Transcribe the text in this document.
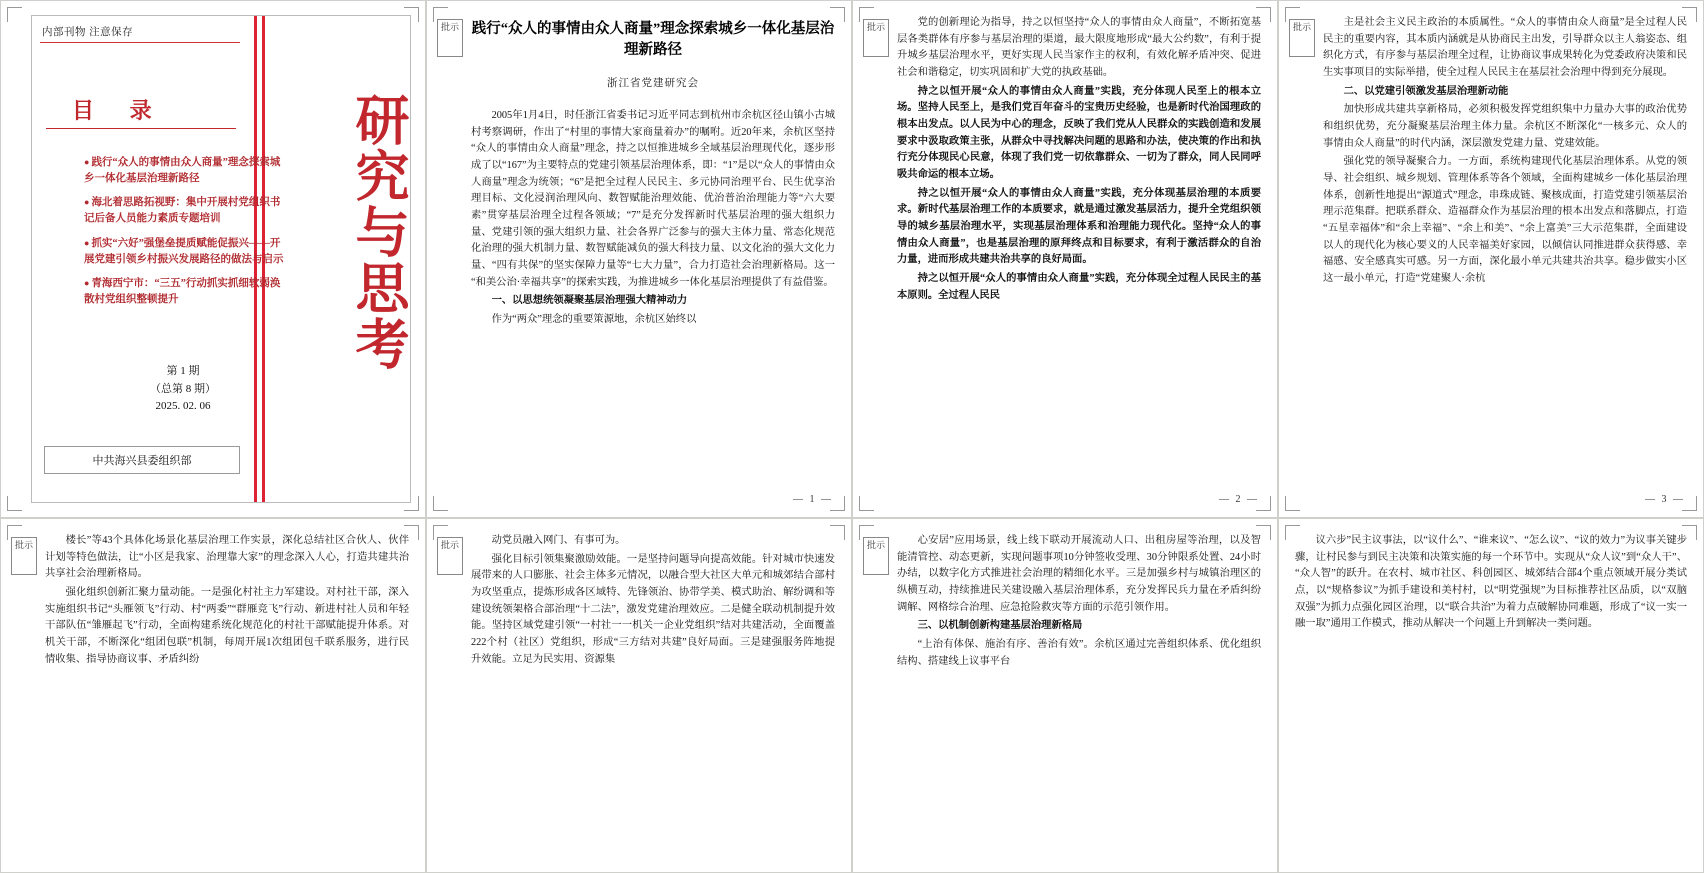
内部刊物 注意保存
目 录
● 践行“众人的事情由众人商量”理念探索城乡一体化基层治理新路径
● 海北着思路拓视野：集中开展村党组织书记后备人员能力素质专题培训
● 抓实“六好”强堡垒提质赋能促振兴——开展党建引领乡村振兴发展路径的做法与启示
● 青海西宁市：“三五”行动抓实抓细软弱涣散村党组织整顿提升
第 1 期
（总第 8 期）
2025. 02. 06
中共海兴县委组织部
研究与思考
批示 践行“众人的事情由众人商量”理念探索城乡一体化基层治理新路径
浙江省党建研究会

2005年1月4日，时任浙江省委书记习近平同志到杭州市余杭区径山镇小古城村考察调研，作出了“村里的事情大家商量着办”的嘱咐。近20年来，余杭区坚持“众人的事情由众人商量”理念，持之以恒推进城乡全域基层治理现代化，逐步形成了以“167”为主要特点的党建引领基层治理体系，即：“1”是以“众人的事情由众人商量”理念为统领；“6”是把全过程人民民主、多元协同治理平台、民生优享治理目标、文化浸润治理风向、数智赋能治理效能、优治普治治理能力等“六大要素”贯穿基层治理全过程各领域；“7”是充分发挥新时代基层治理的强大组织力量、党建引领的强大组织力量、社会各界广泛参与的强大主体力量、常态化规范化治理的强大机制力量、数智赋能减负的强大科技力量、以文化治的强大文化力量、“四有共保”的坚实保障力量等“七大力量”，合力打造社会治理新格局。这一“和美公治·幸福共享”的探索实践，为推进城乡一体化基层治理提供了有益借鉴。

一、以思想统领凝聚基层治理强大精神动力

作为“两众”理念的重要策源地，余杭区始终以

— 1 —
批示	党的创新理论为指导，持之以恒坚持“众人的事情由众人商量”，不断拓宽基层各类群体有序参与基层治理的渠道，最大限度地形成“最大公约数”，有利于提升城乡基层治理水平，更好实现人民当家作主的权利，有效化解矛盾冲突、促进社会和谐稳定，切实巩固和扩大党的执政基础。

持之以恒开展“众人的事情由众人商量”实践，充分体现人民至上的根本立场。坚持人民至上，是我们党百年奋斗的宝贵历史经验，也是新时代治国理政的根本出发点。以人民为中心的理念，反映了我们党从人民群众的实践创造和发展要求中汲取政策主张，从群众中寻找解决问题的思路和办法，使决策的作出和执行充分体现民心民意，体现了我们党一切依靠群众、一切为了群众，同人民同呼吸共命运的根本立场。

持之以恒开展“众人的事情由众人商量”实践，充分体现基层治理的本质要求。新时代基层治理工作的本质要求，就是通过激发基层活力，提升全党组织领导的城乡基层治理水平，实现基层治理体系和治理能力现代化。坚持“众人的事情由众人商量”，也是基层治理的原拜终点和目标要求，有利于激活群众的自治力量，进而形成共建共治共享的良好局面。

持之以恒开展“众人的事情由众人商量”实践，充分体现全过程人民民主的基本原则。全过程人民民

— 2 —
批示	主是社会主义民主政治的本质属性。“众人的事情由众人商量”是全过程人民民主的重要内容，其本质内涵就是从协商民主出发，引导群众以主人翁姿态、组织化方式，有序参与基层治理全过程，让协商议事成果转化为党委政府决策和民生实事项目的实际举措，使全过程人民民主在基层社会治理中得到充分展现。

二、以党建引领激发基层治理新动能

加快形成共建共享新格局，必须积极发挥党组织集中力量办大事的政治优势和组织优势，充分凝聚基层治理主体力量。余杭区不断深化“一核多元、众人的事情由众人商量”的时代内涵，深层激发党建力量、党建效能。

强化党的领导凝聚合力。一方面，系统构建现代化基层治理体系。从党的领导、社会组织、城乡规划、管理体系等各个领域，全面构建城乡一体化基层治理体系，创新性地提出“源道式”理念，串珠成链、聚核成面，打造党建引领基层治理示范集群。把联系群众、造福群众作为基层治理的根本出发点和落脚点，打造“五星幸福体”和“余上幸福”、“余上和美”、“余上富美”三大示范集群，全面建设以人的现代化为核心要义的人民幸福美好家园，以倾信认同推进群众获得感、幸福感、安全感真实可感。另一方面，深化最小单元共建共治共享。稳步做实小区这一最小单元，打造“党建聚人·余杭

— 3 —
批示	楼长”等43个具体化场景化基层治理工作实景，深化总结社区合伙人、伙伴计划等特色做法，让“小区是我家、治理靠大家”的理念深入人心，打造共建共治共享社会治理新格局。

强化组织创新汇聚力量动能。一是强化村社主力军建设。对村社干部，深入实施组织书记“头雁领飞”行动、村“两委”“群雁竞飞”行动、新进村社人员和年轻干部队伍“雏雁起飞”行动，全面构建系统化规范化的村社干部赋能提升体系。对机关干部，不断深化“组团包联”机制，每周开展1次组团包千联系服务，进行民情收集、指导协商议事、矛盾纠纷

批示	动党员融入网门、有事可为。

强化目标引领集聚激励效能。一是坚持问题导向提高效能。针对城市快速发展带来的人口膨胀、社会主体多元情况，以融合型大社区大单元和城郊结合部村为攻坚重点，提炼形成各区域特、先锋领治、协带学美、模式助治、解纷调和等建设统领架格合部治理“十二法”，激发党建治理效应。二是健全联动机制提升效能。坚持区域党建引领“一村社一一机关一企业党组织”结对共建活动，全面覆盖222个村（社区）党组织，形成“三方结对共建”良好局面。三是建强服务阵地提升效能。立足为民实用、资源集

批示	心安居”应用场景，线上线下联动开展流动人口、出租房屋等治理，以及智能清管控、动态更新，实现问题事项10分钟签收受理、30分钟限系处置、24小时办结，以数字化方式推进社会治理的精细化水平。三是加强乡村与城镇治理区的纵横互动，持续推进民关建设融入基层治理体系，充分发挥民兵力量在矛盾纠纷调解、网格综合治理、应急抢险救灾等方面的示范引领作用。

三、以机制创新构建基层治理新格局

“上治有体保、施治有序、善治有效”。余杭区通过完善组织体系、优化组织结构、搭建线上议事平台

议六步”民主议事法，以“议什么”、“谁来议”、“怎么议”、“议的效力”为议事关键步骤，让村民参与到民主决策和决策实施的每一个环节中。实现从“众人议”到“众人干”、“众人智”的跃升。在农村、城市社区、科创园区、城郊结合部4个重点领域开展分类试点，以“规格参议”为抓手建设和美村村，以“明党强规”为目标推荐社区品质，以“双脑双强”为抓力点强化园区治理，以“联合共治”为着力点破解协同难题，形成了“议一实一融一取”通用工作模式，推动从解决一个问题上升到解决一类问题。
